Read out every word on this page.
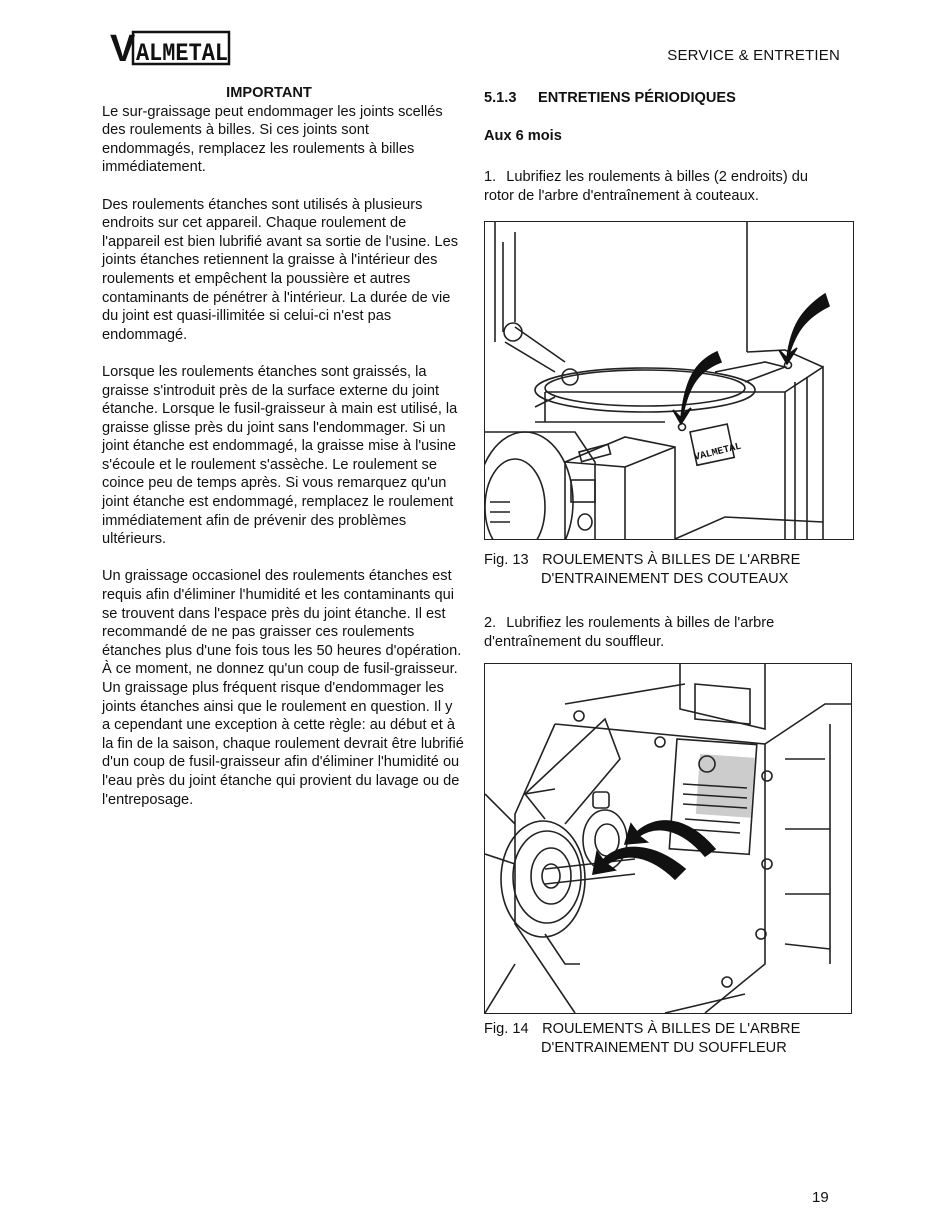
V ALMETAL	SERVICE & ENTRETIEN
IMPORTANT

Le sur-graissage peut endommager les joints scellés des roulements à billes. Si ces joints sont endommagés, remplacez les roulements à billes immédiatement.

Des roulements étanches sont utilisés à plusieurs endroits sur cet appareil. Chaque roulement de l'appareil est bien lubrifié avant sa sortie de l'usine. Les joints étanches retiennent la graisse à l'intérieur des roulements et empêchent la poussière et autres contaminants de pénétrer à l'intérieur. La durée de vie du joint est quasi-illimitée si celui-ci n'est pas endommagé.

Lorsque les roulements étanches sont graissés, la graisse s'introduit près de la surface externe du joint étanche. Lorsque le fusil-graisseur à main est utilisé, la graisse glisse près du joint sans l'endommager. Si un joint étanche est endommagé, la graisse mise à l'usine s'écoule et le roulement s'assèche. Le roulement se coince peu de temps après. Si vous remarquez qu'un joint étanche est endommagé, remplacez le roulement immédiatement afin de prévenir des problèmes ultérieurs.

Un graissage occasionel des roulements étanches est requis afin d'éliminer l'humidité et les contaminants qui se trouvent dans l'espace près du joint étanche. Il est recommandé de ne pas graisser ces roulements étanches plus d'une fois tous les 50 heures d'opération. À ce moment, ne donnez qu'un coup de fusil-graisseur. Un graissage plus fréquent risque d'endommager les joints étanches ainsi que le roulement en question. Il y a cependant une exception à cette règle: au début et à la fin de la saison, chaque roulement devrait être lubrifié d'un coup de fusil-graisseur afin d'éliminer l'humidité ou l'eau près du joint étanche qui provient du lavage ou de l'entreposage.

5.1.3 ENTRETIENS PÉRIODIQUES
Aux 6 mois
1. Lubrifiez les roulements à billes (2 endroits) du rotor de l'arbre d'entraînement à couteaux.
VALMETAL
Fig. 13 ROULEMENTS À BILLES DE L'ARBRE
D'ENTRAINEMENT DES COUTEAUX
2. Lubrifiez les roulements à billes de l'arbre d'entraînement du souffleur.
Fig. 14 ROULEMENTS À BILLES DE L'ARBRE
D'ENTRAINEMENT DU SOUFFLEUR
19
